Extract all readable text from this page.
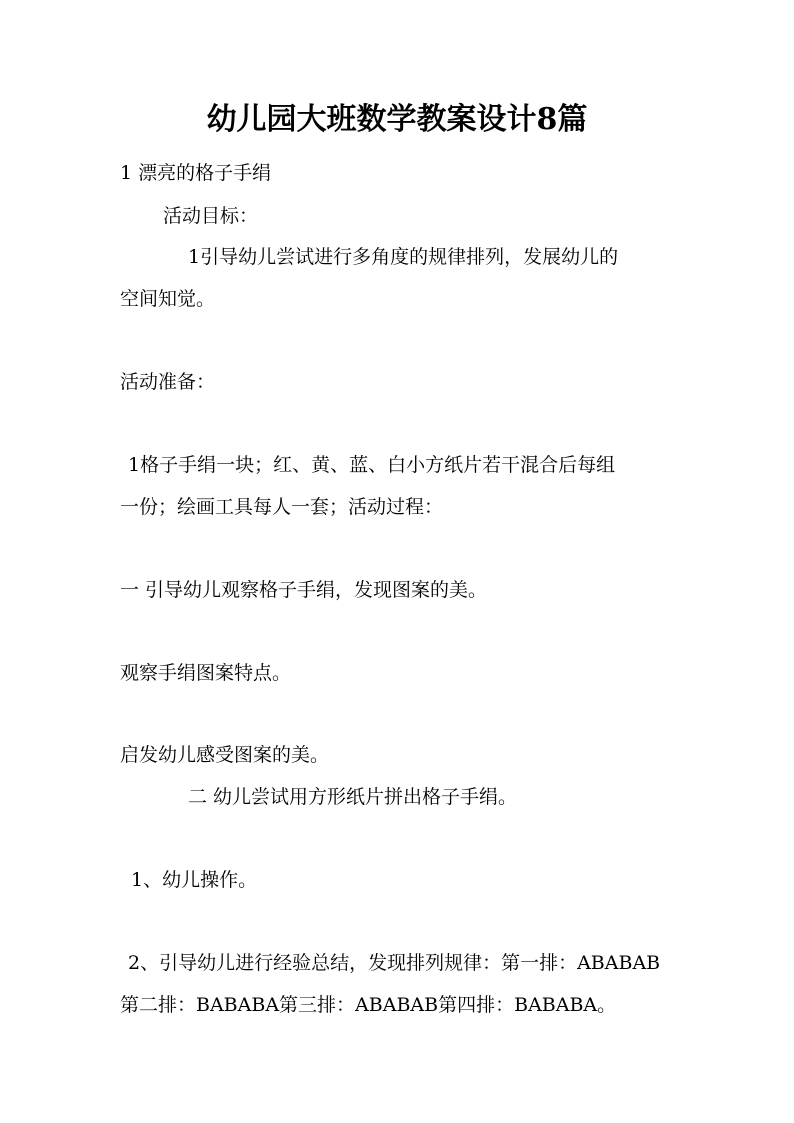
幼儿园大班数学教案设计8篇
1 漂亮的格子手绢
活动目标：
1引导幼儿尝试进行多角度的规律排列，发展幼儿的
空间知觉。
活动准备：
1格子手绢一块；红、黄、蓝、白小方纸片若干混合后每组
一份；绘画工具每人一套；活动过程：
一 引导幼儿观察格子手绢，发现图案的美。
观察手绢图案特点。
启发幼儿感受图案的美。
二 幼儿尝试用方形纸片拼出格子手绢。
1、幼儿操作。
2、引导幼儿进行经验总结，发现排列规律：第一排：ABABAB
第二排：BABABA第三排：ABABAB第四排：BABABA。
